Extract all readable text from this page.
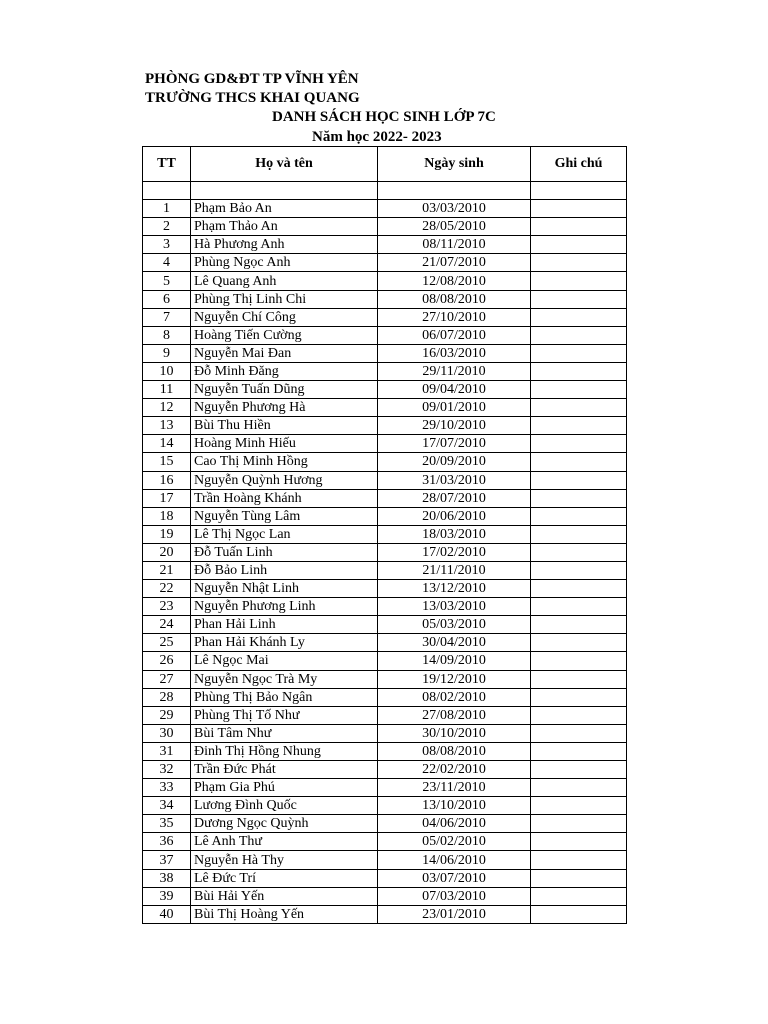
PHÒNG GD&ĐT TP VĨNH YÊN
TRƯỜNG THCS KHAI QUANG
DANH SÁCH HỌC SINH LỚP 7C
Năm học 2022- 2023
TT	Họ và tên	Ngày sinh	Ghi chú

1	Phạm Bảo An	03/03/2010	
2	Phạm Thảo An	28/05/2010	
3	Hà Phương Anh	08/11/2010	
4	Phùng Ngọc Anh	21/07/2010	
5	Lê Quang Anh	12/08/2010	
6	Phùng Thị Linh Chi	08/08/2010	
7	Nguyễn Chí Công	27/10/2010	
8	Hoàng Tiến Cường	06/07/2010	
9	Nguyễn Mai Đan	16/03/2010	
10	Đỗ Minh Đăng	29/11/2010	
11	Nguyễn Tuấn Dũng	09/04/2010	
12	Nguyễn Phương Hà	09/01/2010	
13	Bùi Thu Hiền	29/10/2010	
14	Hoàng Minh Hiếu	17/07/2010	
15	Cao Thị Minh Hồng	20/09/2010	
16	Nguyễn Quỳnh Hương	31/03/2010	
17	Trần Hoàng Khánh	28/07/2010	
18	Nguyễn Tùng Lâm	20/06/2010	
19	Lê Thị Ngọc Lan	18/03/2010	
20	Đỗ Tuấn Linh	17/02/2010	
21	Đỗ Bảo Linh	21/11/2010	
22	Nguyễn Nhật Linh	13/12/2010	
23	Nguyễn Phương Linh	13/03/2010	
24	Phan Hải Linh	05/03/2010	
25	Phan Hải Khánh Ly	30/04/2010	
26	Lê Ngọc Mai	14/09/2010	
27	Nguyễn Ngọc Trà My	19/12/2010	
28	Phùng Thị Bảo Ngân	08/02/2010	
29	Phùng Thị Tố Như	27/08/2010	
30	Bùi Tâm Như	30/10/2010	
31	Đinh Thị Hồng Nhung	08/08/2010	
32	Trần Đức Phát	22/02/2010	
33	Phạm Gia Phú	23/11/2010	
34	Lương Đình Quốc	13/10/2010	
35	Dương Ngọc Quỳnh	04/06/2010	
36	Lê Anh Thư	05/02/2010	
37	Nguyễn Hà Thy	14/06/2010	
38	Lê Đức Trí	03/07/2010	
39	Bùi Hải Yến	07/03/2010	
40	Bùi Thị Hoàng Yến	23/01/2010	
